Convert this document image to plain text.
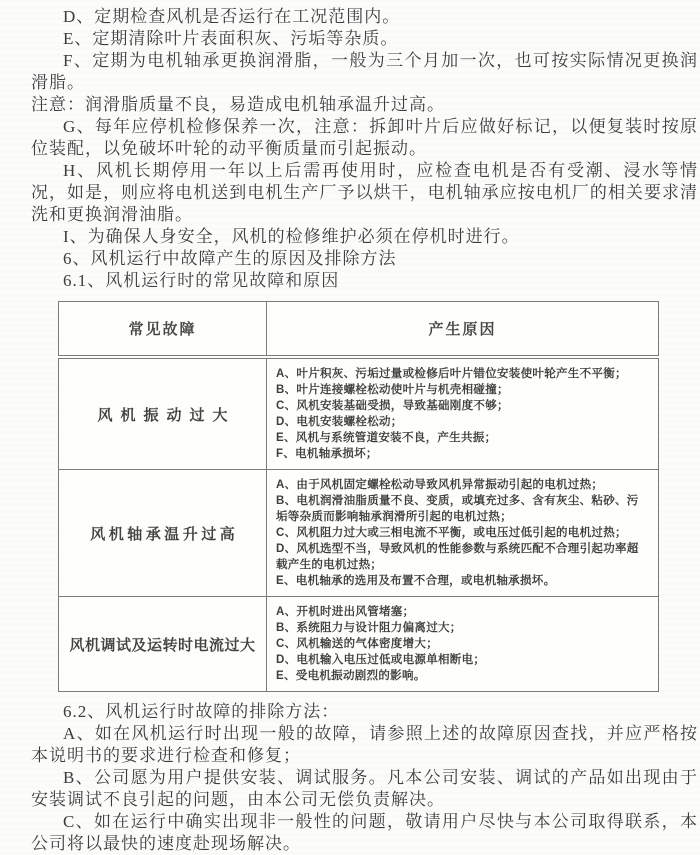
D、定期检查风机是否运行在工况范围内。

E、定期清除叶片表面积灰、污垢等杂质。

F、定期为电机轴承更换润滑脂，一般为三个月加一次，也可按实际情况更换润滑脂。

注意：润滑脂质量不良，易造成电机轴承温升过高。

G、每年应停机检修保养一次，注意：拆卸叶片后应做好标记，以便复装时按原位装配，以免破坏叶轮的动平衡质量而引起振动。

H、风机长期停用一年以上后需再使用时，应检查电机是否有受潮、浸水等情况，如是，则应将电机送到电机生产厂予以烘干，电机轴承应按电机厂的相关要求清洗和更换润滑油脂。

I、为确保人身安全，风机的检修维护必须在停机时进行。

6、风机运行中故障产生的原因及排除方法

6.1、风机运行时的常见故障和原因

常见故障	产生原因
风机振动过大	
A、叶片积灰、污垢过量或检修后叶片错位安装使叶轮产生不平衡；
B、叶片连接螺栓松动使叶片与机壳相碰撞；
C、风机安装基础受损，导致基础刚度不够；
D、电机安装螺栓松动；
E、风机与系统管道安装不良，产生共振；
F、电机轴承损坏；

风机轴承温升过高	A、由于风机固定螺栓松动导致风机异常振动引起的电机过热；
B、电机润滑油脂质量不良、变质，或填充过多、含有灰尘、粘砂、污垢等杂质而影响轴承润滑所引起的电机过热；
C、风机阻力过大或三相电流不平衡，或电压过低引起的电机过热；
D、风机选型不当，导致风机的性能参数与系统匹配不合理引起功率超载产生的电机过热；
E、电机轴承的选用及布置不合理，或电机轴承损坏。

风机调试及运转时电流过大	A、开机时进出风管堵塞；
B、系统阻力与设计阻力偏离过大；
C、风机输送的气体密度增大；
D、电机输入电压过低或电源单相断电；
E、受电机振动剧烈的影响。

6.2、风机运行时故障的排除方法：

A、如在风机运行时出现一般的故障，请参照上述的故障原因查找，并应严格按本说明书的要求进行检查和修复；

B、公司愿为用户提供安装、调试服务。凡本公司安装、调试的产品如出现由于安装调试不良引起的问题，由本公司无偿负责解决。

C、如在运行中确实出现非一般性的问题，敬请用户尽快与本公司取得联系，本公司将以最快的速度赴现场解决。
